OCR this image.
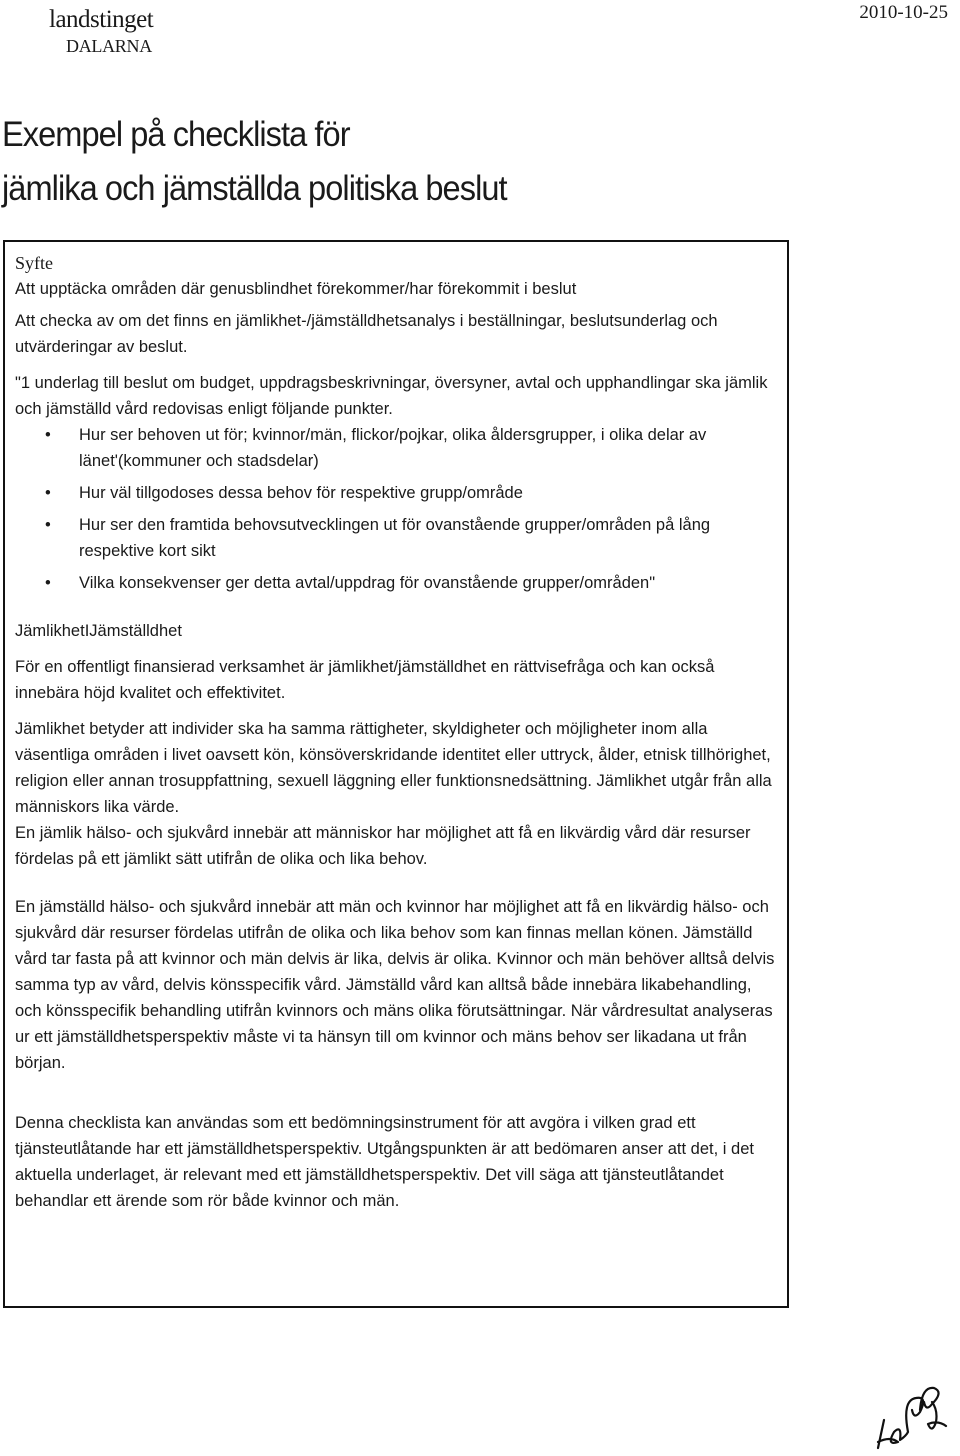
landstinget
DALARNA
2010-10-25
Exempel på checklista för
jämlika och jämställda politiska beslut

Syfte

Att upptäcka områden där genusblindhet förekommer/har förekommit i beslut

Att checka av om det finns en jämlikhet-/jämställdhetsanalys i beställningar, beslutsunderlag och utvärderingar av beslut.

"1 underlag till beslut om budget, uppdragsbeskrivningar, översyner, avtal och upphandlingar ska jämlik och jämställd vård redovisas enligt följande punkter.

• Hur ser behoven ut för; kvinnor/män, flickor/pojkar, olika åldersgrupper, i olika delar av länet'(kommuner och stadsdelar)
• Hur väl tillgodoses dessa behov för respektive grupp/område
• Hur ser den framtida behovsutvecklingen ut för ovanstående grupper/områden på lång respektive kort sikt
• Vilka konsekvenser ger detta avtal/uppdrag för ovanstående grupper/områden"

JämlikhetIJämställdhet

För en offentligt finansierad verksamhet är jämlikhet/jämställdhet en rättvisefråga och kan också innebära höjd kvalitet och effektivitet.

Jämlikhet betyder att individer ska ha samma rättigheter, skyldigheter och möjligheter inom alla väsentliga områden i livet oavsett kön, könsöverskridande identitet eller uttryck, ålder, etnisk tillhörighet, religion eller annan trosuppfattning, sexuell läggning eller funktionsnedsättning. Jämlikhet utgår från alla människors lika värde.

En jämlik hälso- och sjukvård innebär att människor har möjlighet att få en likvärdig vård där resurser fördelas på ett jämlikt sätt utifrån de olika och lika behov.

En jämställd hälso- och sjukvård innebär att män och kvinnor har möjlighet att få en likvärdig hälso- och sjukvård där resurser fördelas utifrån de olika och lika behov som kan finnas mellan könen. Jämställd vård tar fasta på att kvinnor och män delvis är lika, delvis är olika. Kvinnor och män behöver alltså delvis samma typ av vård, delvis könsspecifik vård. Jämställd vård kan alltså både innebära likabehandling, och könsspecifik behandling utifrån kvinnors och mäns olika förutsättningar. När vårdresultat analyseras ur ett jämställdhetsperspektiv måste vi ta hänsyn till om kvinnor och mäns behov ser likadana ut från början.

Denna checklista kan användas som ett bedömningsinstrument för att avgöra i vilken grad ett tjänsteutlåtande har ett jämställdhetsperspektiv. Utgångspunkten är att bedömaren anser att det, i det aktuella underlaget, är relevant med ett jämställdhetsperspektiv. Det vill säga att tjänsteutlåtandet behandlar ett ärende som rör både kvinnor och män.
